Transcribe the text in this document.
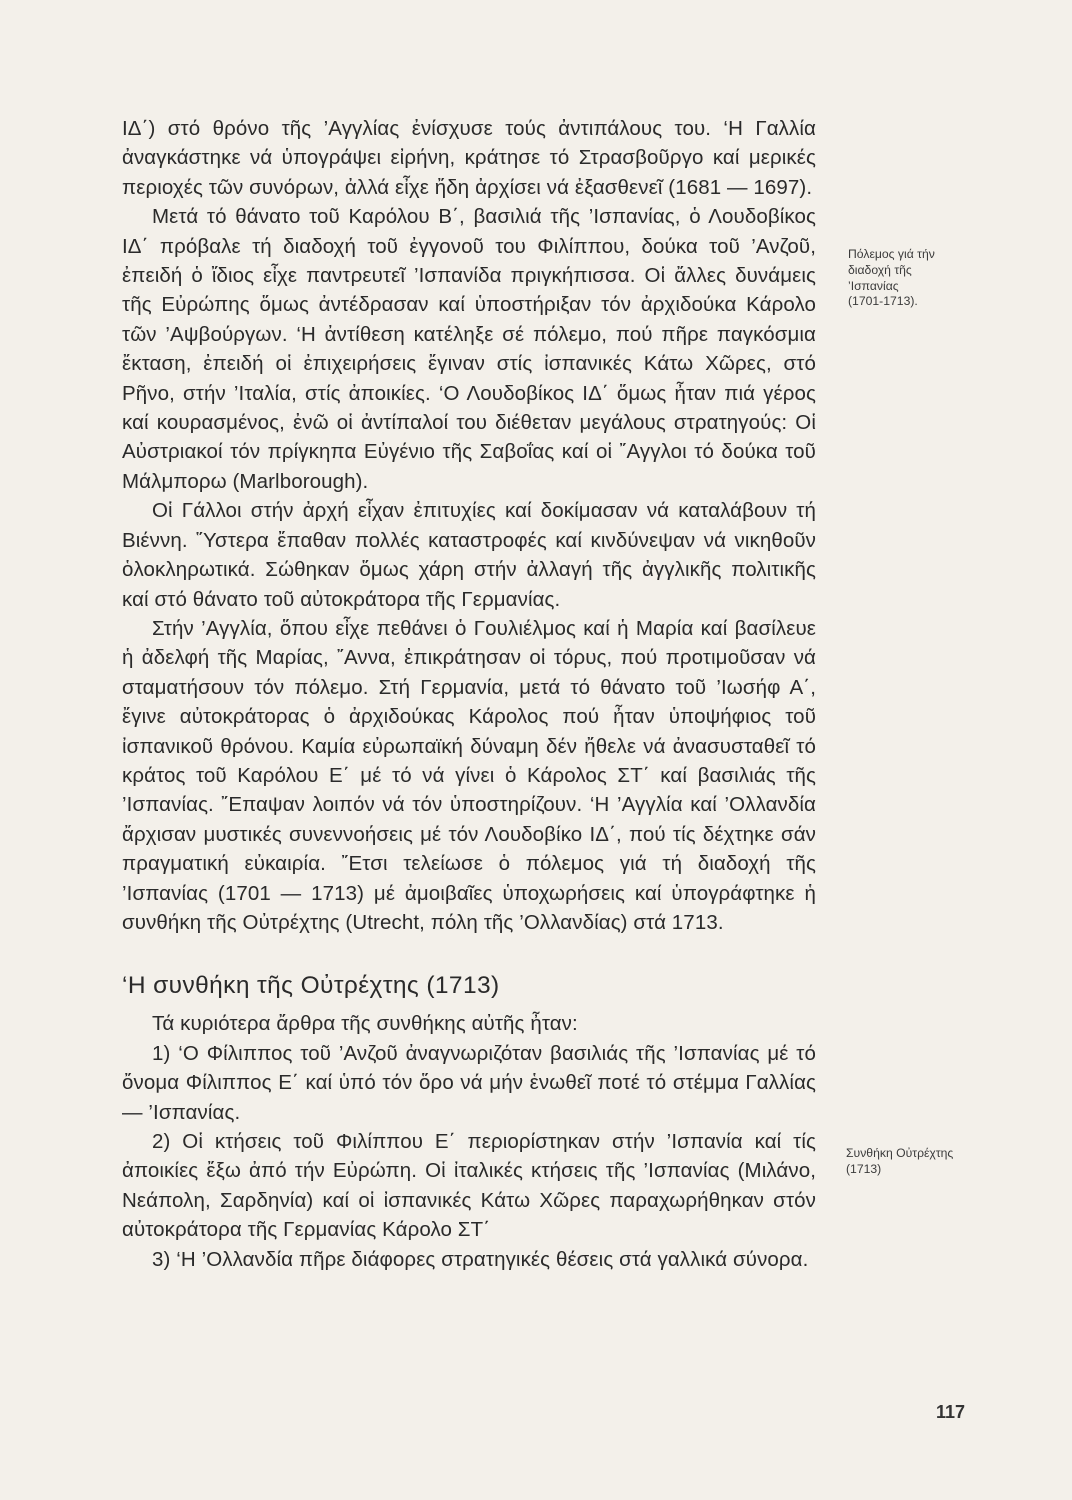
ΙΔ΄) στό θρόνο τῆς ’Αγγλίας ἐνίσχυσε τούς ἀντιπάλους του. ‘Η Γαλλία ἀναγκάστηκε νά ὑπογράψει εἰρήνη, κράτησε τό Στρασβοῦργο καί μερικές περιοχές τῶν συνόρων, ἀλλά εἶχε ἤδη ἀρχίσει νά ἐξασθενεῖ (1681 — 1697).

Μετά τό θάνατο τοῦ Καρόλου Β΄, βασιλιά τῆς ’Ισπανίας, ὁ Λουδοβίκος ΙΔ΄ πρόβαλε τή διαδοχή τοῦ ἐγγονοῦ του Φιλίππου, δούκα τοῦ ’Ανζοῦ, ἐπειδή ὁ ἴδιος εἶχε παντρευτεῖ ’Ισπανίδα πριγκήπισσα. Οἱ ἄλλες δυνάμεις τῆς Εὐρώπης ὅμως ἀντέδρασαν καί ὑποστήριξαν τόν ἀρχιδούκα Κάρολο τῶν ’Αψβούργων. ‘Η ἀντίθεση κατέληξε σέ πόλεμο, πού πῆρε παγκόσμια ἔκταση, ἐπειδή οἱ ἐπιχειρήσεις ἔγιναν στίς ἰσπανικές Κάτω Χῶρες, στό Ρῆνο, στήν ’Ιταλία, στίς ἀποικίες. ‘Ο Λουδοβίκος ΙΔ΄ ὅμως ἦταν πιά γέρος καί κουρασμένος, ἐνῶ οἱ ἀντίπαλοί του διέθεταν μεγάλους στρατηγούς: Οἱ Αὐστριακοί τόν πρίγκηπα Εὐγένιο τῆς Σαβοΐας καί οἱ ῎Αγγλοι τό δούκα τοῦ Μάλμπορω (Marlborough).

Οἱ Γάλλοι στήν ἀρχή εἶχαν ἐπιτυχίες καί δοκίμασαν νά καταλάβουν τή Βιέννη. ῞Υστερα ἔπαθαν πολλές καταστροφές καί κινδύνεψαν νά νικηθοῦν ὁλοκληρωτικά. Σώθηκαν ὅμως χάρη στήν ἀλλαγή τῆς ἀγγλικῆς πολιτικῆς καί στό θάνατο τοῦ αὐτοκράτορα τῆς Γερμανίας.

Στήν ’Αγγλία, ὅπου εἶχε πεθάνει ὁ Γουλιέλμος καί ἡ Μαρία καί βασίλευε ἡ ἀδελφή τῆς Μαρίας, ῎Αννα, ἐπικράτησαν οἱ τόρυς, πού προτιμοῦσαν νά σταματήσουν τόν πόλεμο. Στή Γερμανία, μετά τό θάνατο τοῦ ’Ιωσήφ Α΄, ἔγινε αὐτοκράτορας ὁ ἀρχιδούκας Κάρολος πού ἦταν ὑποψήφιος τοῦ ἰσπανικοῦ θρόνου. Καμία εὐρωπαϊκή δύναμη δέν ἤθελε νά ἀνασυσταθεῖ τό κράτος τοῦ Καρόλου Ε΄ μέ τό νά γίνει ὁ Κάρολος ΣΤ΄ καί βασιλιάς τῆς ’Ισπανίας. ῎Επαψαν λοιπόν νά τόν ὑποστηρίζουν. ‘Η ’Αγγλία καί ’Ολλανδία ἄρχισαν μυστικές συνεννοήσεις μέ τόν Λουδοβίκο ΙΔ΄, πού τίς δέχτηκε σάν πραγματική εὐκαιρία. ῎Ετσι τελείωσε ὁ πόλεμος γιά τή διαδοχή τῆς ’Ισπανίας (1701 — 1713) μέ ἀμοιβαῖες ὑποχωρήσεις καί ὑπογράφτηκε ἡ συνθήκη τῆς Οὐτρέχτης (Utrecht, πόλη τῆς ’Ολλανδίας) στά 1713.

‘Η συνθήκη τῆς Οὐτρέχτης (1713)

Τά κυριότερα ἄρθρα τῆς συνθήκης αὐτῆς ἦταν:

1) ‘Ο Φίλιππος τοῦ ’Ανζοῦ ἀναγνωριζόταν βασιλιάς τῆς ’Ισπανίας μέ τό ὄνομα Φίλιππος Ε΄ καί ὑπό τόν ὅρο νά μήν ἑνωθεῖ ποτέ τό στέμμα Γαλλίας — ’Ισπανίας.

2) Οἱ κτήσεις τοῦ Φιλίππου Ε΄ περιορίστηκαν στήν ’Ισπανία καί τίς ἀποικίες ἔξω ἀπό τήν Εὐρώπη. Οἱ ἰταλικές κτήσεις τῆς ’Ισπανίας (Μιλάνο, Νεάπολη, Σαρδηνία) καί οἱ ἰσπανικές Κάτω Χῶρες παραχωρήθηκαν στόν αὐτοκράτορα τῆς Γερμανίας Κάρολο ΣΤ΄

3) ‘Η ’Ολλανδία πῆρε διάφορες στρατηγικές θέσεις στά γαλλικά σύνορα.

Πόλεμος γιά τήν
διαδοχή τῆς
’Ισπανίας
(1701-1713).
Συνθήκη Οὐτρέχτης
(1713)
117
